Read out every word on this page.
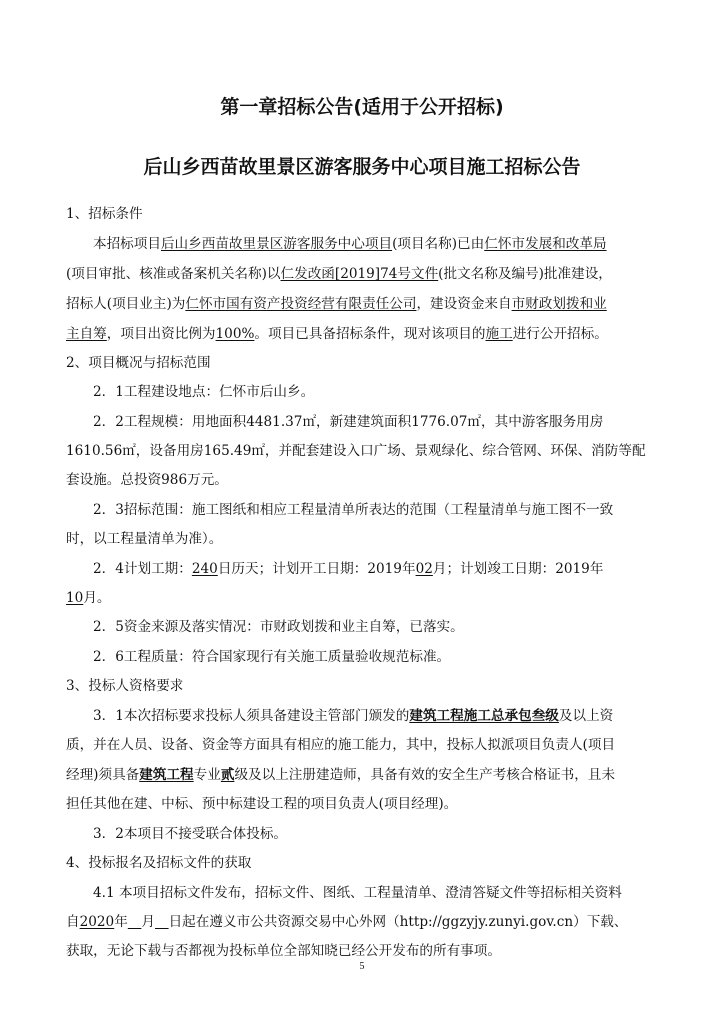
第一章招标公告(适用于公开招标)
后山乡西苗故里景区游客服务中心项目施工招标公告
1、招标条件
本招标项目后山乡西苗故里景区游客服务中心项目(项目名称)已由仁怀市发展和改革局
(项目审批、核准或备案机关名称)以仁发改函[2019]74号文件(批文名称及编号)批准建设，
招标人(项目业主)为仁怀市国有资产投资经营有限责任公司，建设资金来自市财政划拨和业
主自筹，项目出资比例为100%。项目已具备招标条件，现对该项目的施工进行公开招标。
2、项目概况与招标范围
2．1工程建设地点：仁怀市后山乡。
2．2工程规模：用地面积4481.37㎡，新建建筑面积1776.07㎡，其中游客服务用房
1610.56㎡，设备用房165.49㎡，并配套建设入口广场、景观绿化、综合管网、环保、消防等配
套设施。总投资986万元。
2．3招标范围：施工图纸和相应工程量清单所表达的范围（工程量清单与施工图不一致
时，以工程量清单为准）。
2．4计划工期：240日历天；计划开工日期：2019年02月；计划竣工日期：2019年
10月。
2．5资金来源及落实情况：市财政划拨和业主自筹，已落实。
2．6工程质量：符合国家现行有关施工质量验收规范标准。
3、投标人资格要求
3．1本次招标要求投标人须具备建设主管部门颁发的建筑工程施工总承包叁级及以上资
质，并在人员、设备、资金等方面具有相应的施工能力，其中，投标人拟派项目负责人(项目
经理)须具备建筑工程专业贰级及以上注册建造师，具备有效的安全生产考核合格证书，且未
担任其他在建、中标、预中标建设工程的项目负责人(项目经理)。
3．2本项目不接受联合体投标。
4、投标报名及招标文件的获取
4.1 本项目招标文件发布，招标文件、图纸、工程量清单、澄清答疑文件等招标相关资料
自2020年   月   日起在遵义市公共资源交易中心外网（http://ggzyjy.zunyi.gov.cn）下载、
获取，无论下载与否都视为投标单位全部知晓已经公开发布的所有事项。
5
